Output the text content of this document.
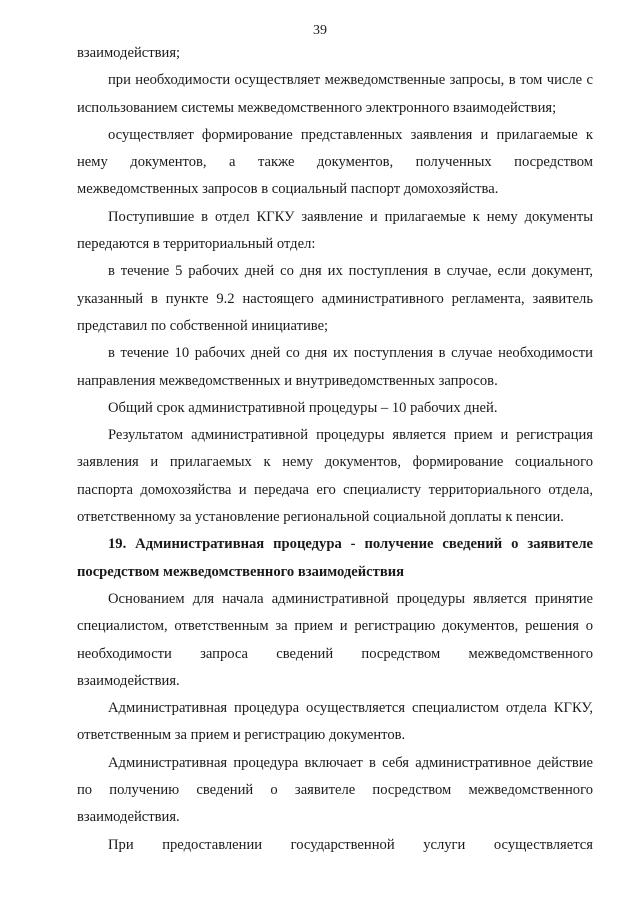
39

взаимодействия;

при необходимости осуществляет межведомственные запросы, в том числе с использованием системы межведомственного электронного взаимодействия;

осуществляет формирование представленных заявления и прилагаемые к нему документов, а также документов, полученных посредством межведомственных запросов в социальный паспорт домохозяйства.

Поступившие в отдел КГКУ заявление и прилагаемые к нему документы передаются в территориальный отдел:

в течение 5 рабочих дней со дня их поступления в случае, если документ, указанный в пункте 9.2 настоящего административного регламента, заявитель представил по собственной инициативе;

в течение 10 рабочих дней со дня их поступления в случае необходимости направления межведомственных и внутриведомственных запросов.

Общий срок административной процедуры – 10 рабочих дней.

Результатом административной процедуры является прием и регистрация заявления и прилагаемых к нему документов, формирование социального паспорта домохозяйства и передача его специалисту территориального отдела, ответственному за установление региональной социальной доплаты к пенсии.

19. Административная процедура - получение сведений о заявителе посредством межведомственного взаимодействия

Основанием для начала административной процедуры является принятие специалистом, ответственным за прием и регистрацию документов, решения о необходимости запроса сведений посредством межведомственного взаимодействия.

Административная процедура осуществляется специалистом отдела КГКУ, ответственным за прием и регистрацию документов.

Административная процедура включает в себя административное действие по получению сведений о заявителе посредством межведомственного взаимодействия.

При предоставлении государственной услуги осуществляется
